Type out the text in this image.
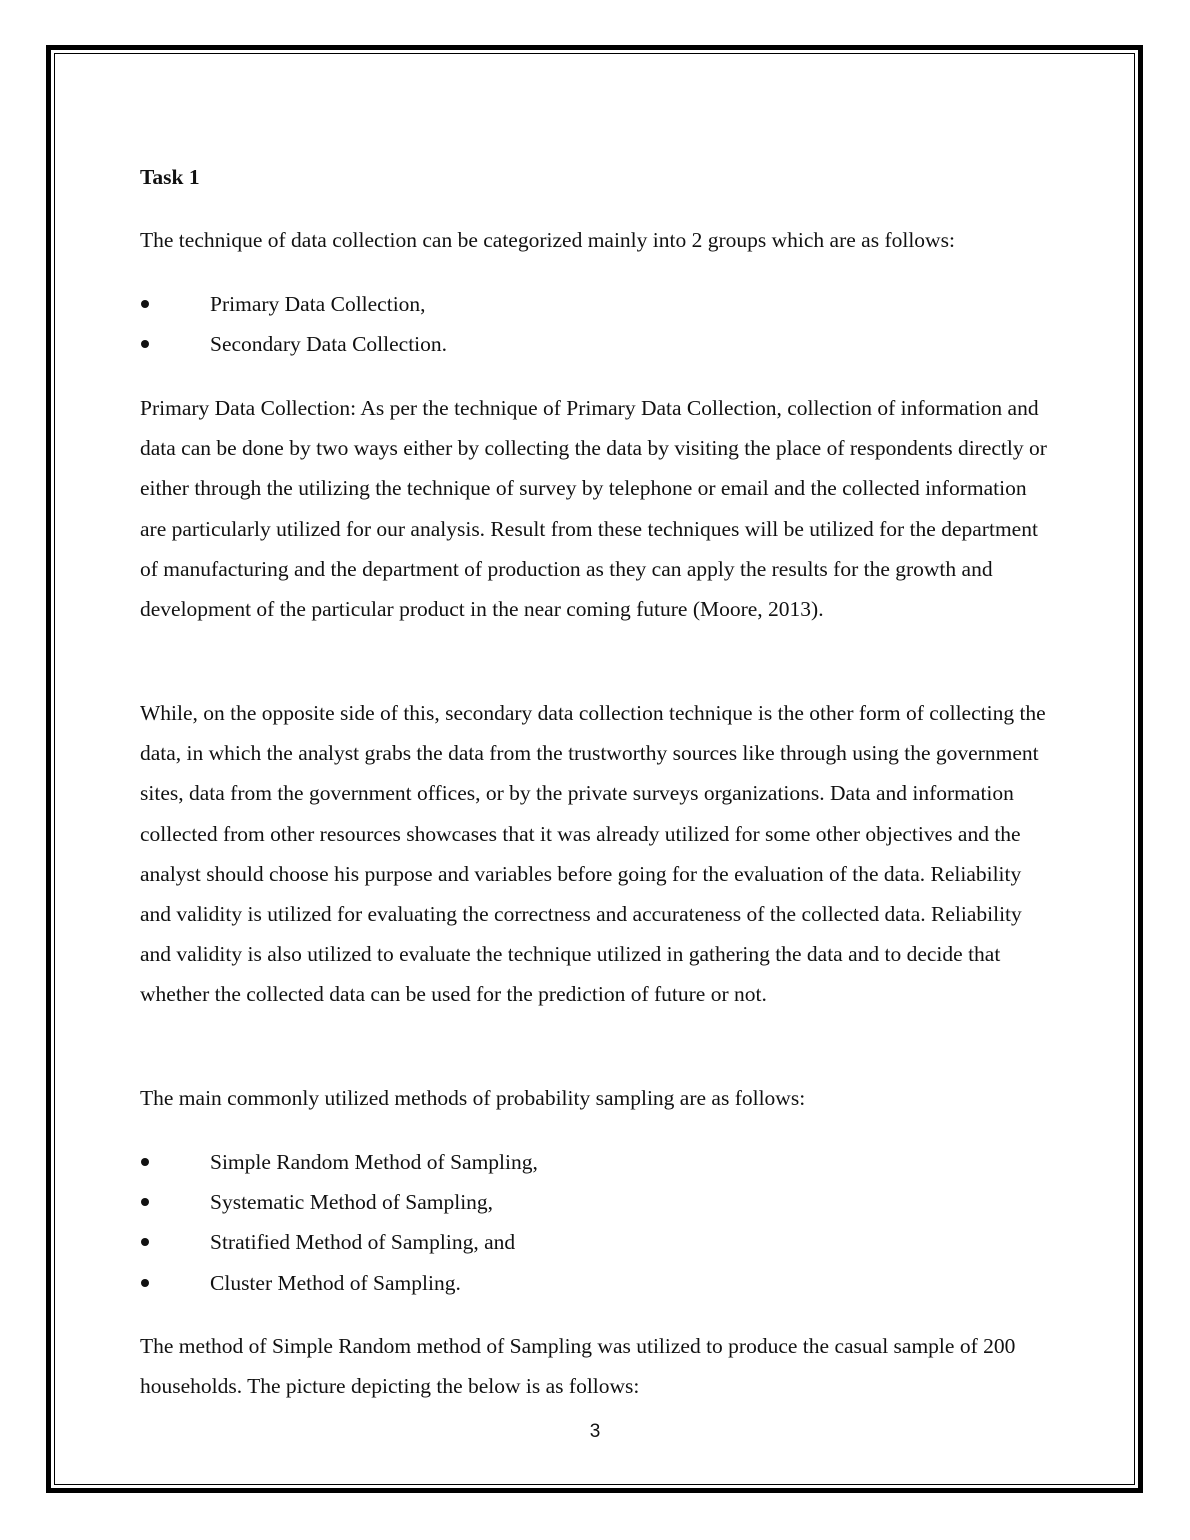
Task 1

The technique of data collection can be categorized mainly into 2 groups which are as follows:

Primary Data Collection,
Secondary Data Collection.

Primary Data Collection: As per the technique of Primary Data Collection, collection of information and data can be done by two ways either by collecting the data by visiting the place of respondents directly or either through the utilizing the technique of survey by telephone or email and the collected information are particularly utilized for our analysis. Result from these techniques will be utilized for the department of manufacturing and the department of production as they can apply the results for the growth and development of the particular product in the near coming future (Moore, 2013).

While, on the opposite side of this, secondary data collection technique is the other form of collecting the data, in which the analyst grabs the data from the trustworthy sources like through using the government sites, data from the government offices, or by the private surveys organizations. Data and information collected from other resources showcases that it was already utilized for some other objectives and the analyst should choose his purpose and variables before going for the evaluation of the data. Reliability and validity is utilized for evaluating the correctness and accurateness of the collected data. Reliability and validity is also utilized to evaluate the technique utilized in gathering the data and to decide that whether the collected data can be used for the prediction of future or not.

The main commonly utilized methods of probability sampling are as follows:

Simple Random Method of Sampling,
Systematic Method of Sampling,
Stratified Method of Sampling, and
Cluster Method of Sampling.

The method of Simple Random method of Sampling was utilized to produce the casual sample of 200 households. The picture depicting the below is as follows:

3
